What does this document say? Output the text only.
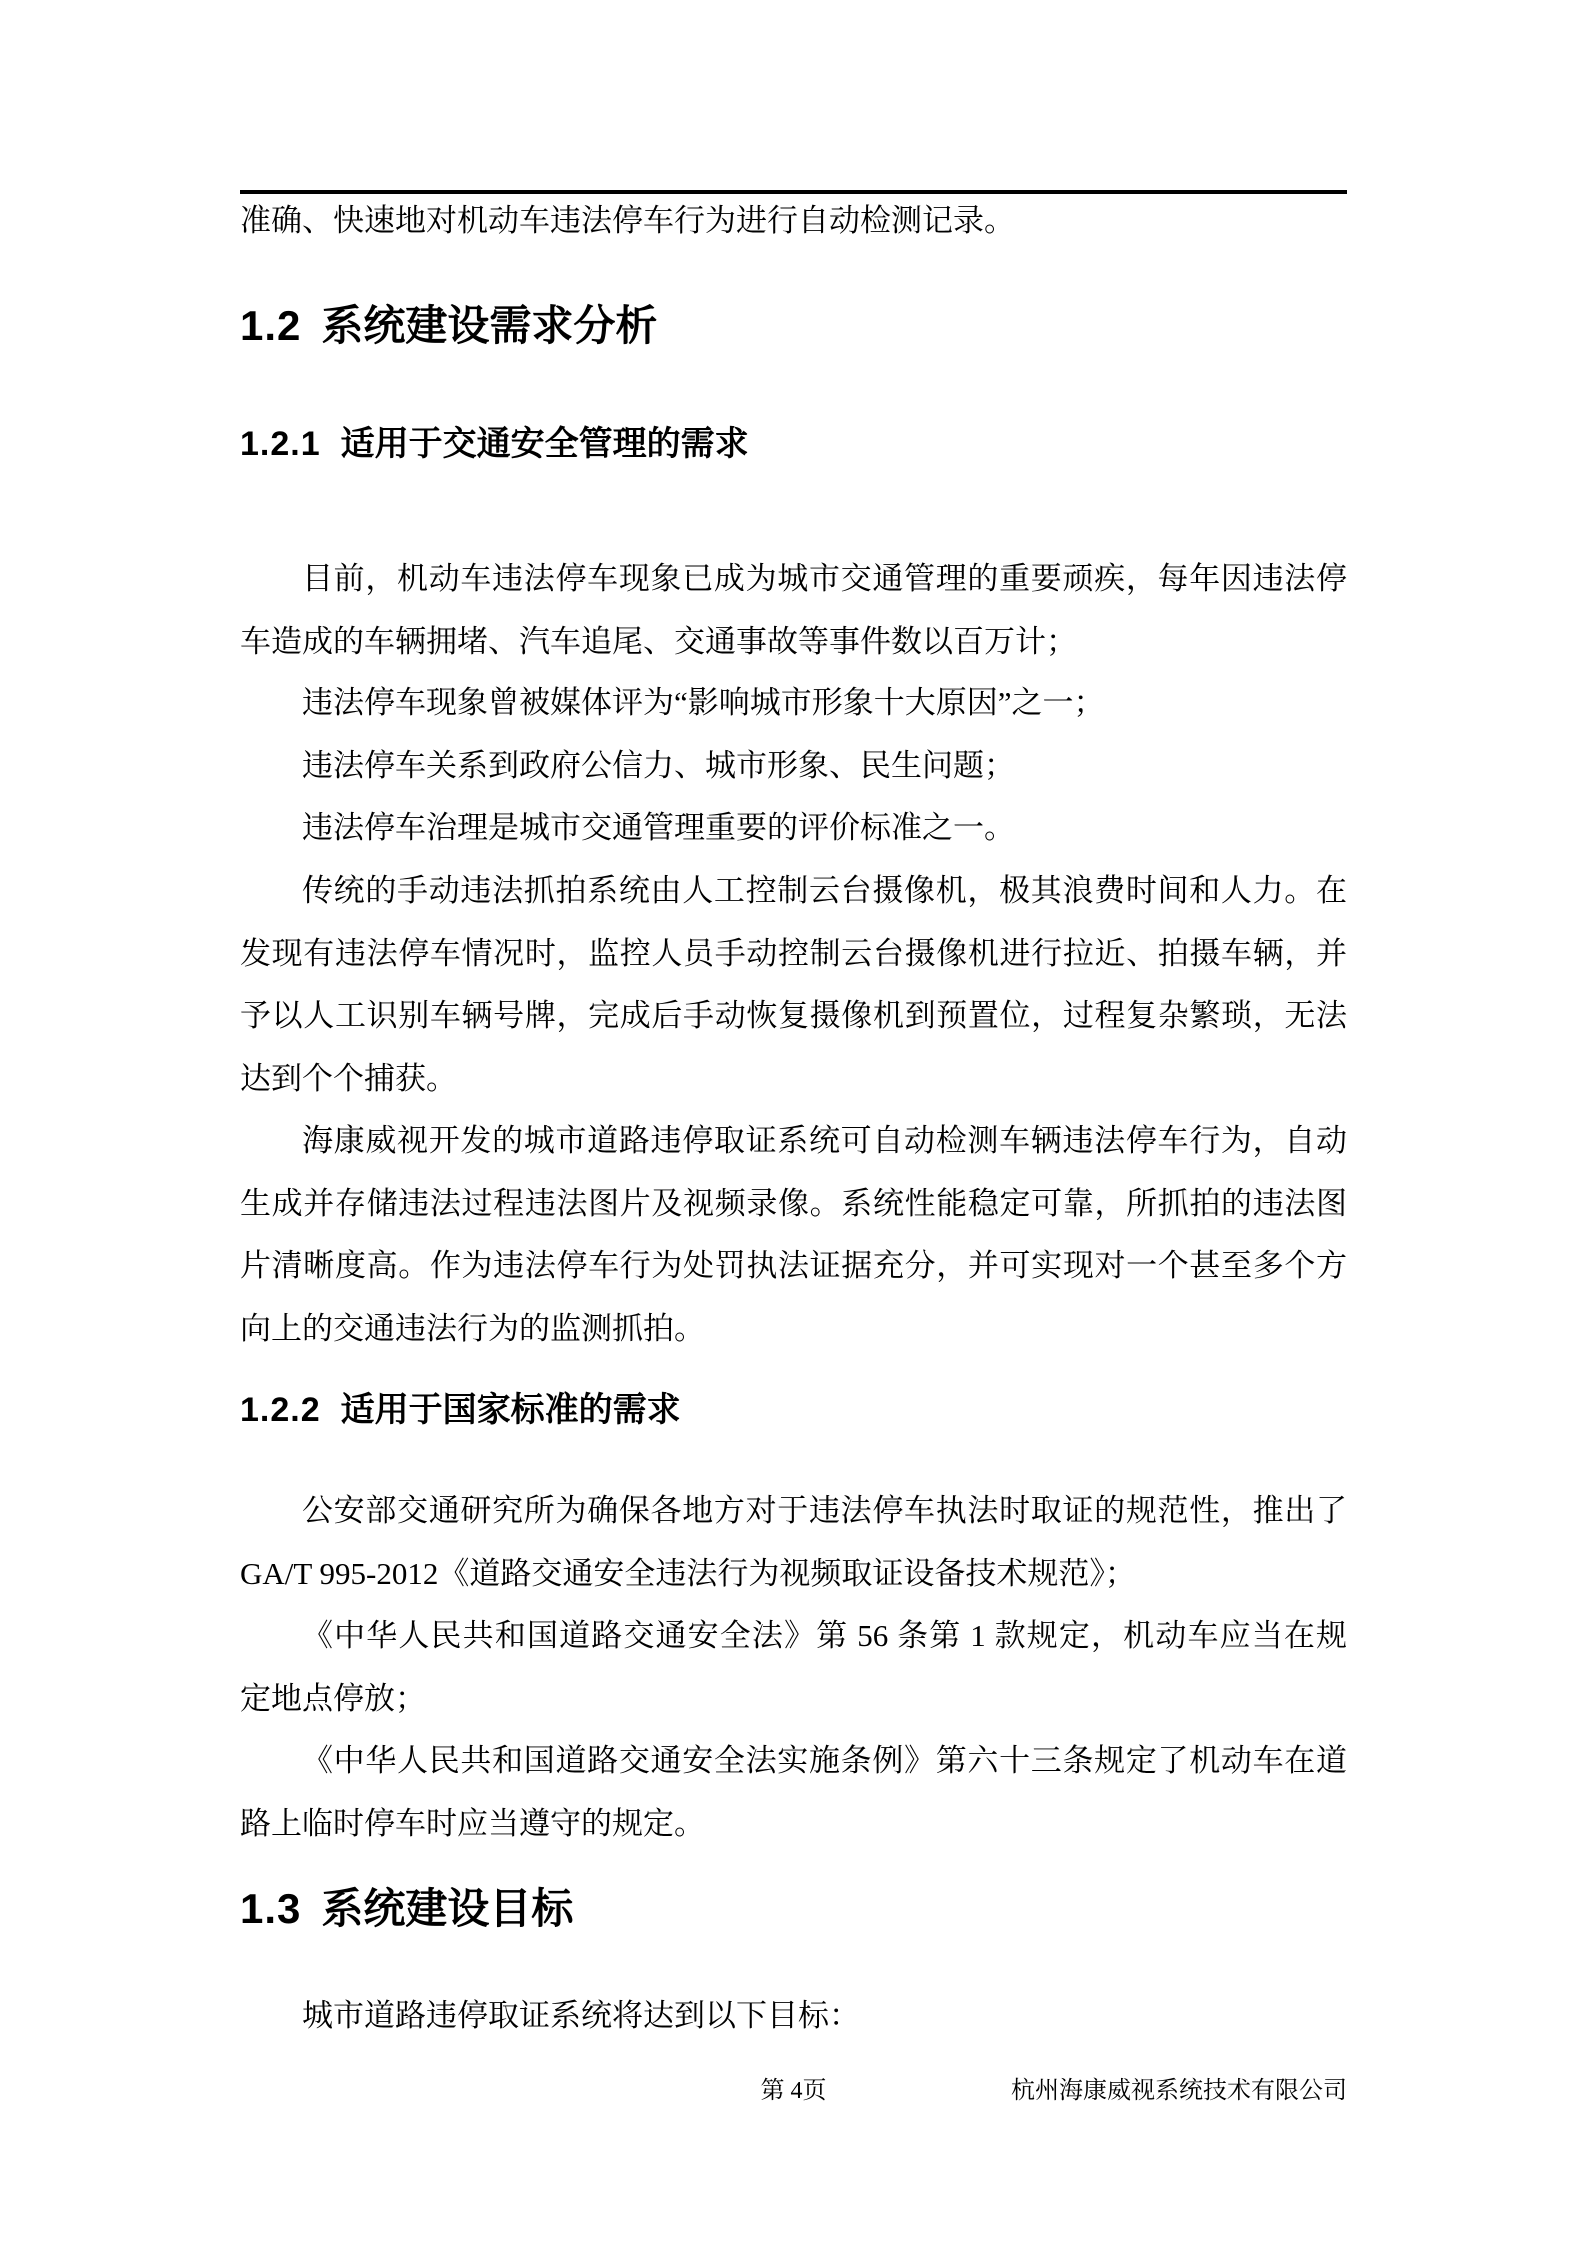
准确、快速地对机动车违法停车行为进行自动检测记录。
1.2 系统建设需求分析
1.2.1 适用于交通安全管理的需求
目前，机动车违法停车现象已成为城市交通管理的重要顽疾，每年因违法停
车造成的车辆拥堵、汽车追尾、交通事故等事件数以百万计；
违法停车现象曾被媒体评为“影响城市形象十大原因”之一；
违法停车关系到政府公信力、城市形象、民生问题；
违法停车治理是城市交通管理重要的评价标准之一。
传统的手动违法抓拍系统由人工控制云台摄像机，极其浪费时间和人力。在
发现有违法停车情况时，监控人员手动控制云台摄像机进行拉近、拍摄车辆，并
予以人工识别车辆号牌，完成后手动恢复摄像机到预置位，过程复杂繁琐，无法
达到个个捕获。
海康威视开发的城市道路违停取证系统可自动检测车辆违法停车行为，自动
生成并存储违法过程违法图片及视频录像。系统性能稳定可靠，所抓拍的违法图
片清晰度高。作为违法停车行为处罚执法证据充分，并可实现对一个甚至多个方
向上的交通违法行为的监测抓拍。
1.2.2 适用于国家标准的需求
公安部交通研究所为确保各地方对于违法停车执法时取证的规范性，推出了
GA/T 995-2012《道路交通安全违法行为视频取证设备技术规范》；
《中华人民共和国道路交通安全法》第 56 条第 1 款规定，机动车应当在规
定地点停放；
《中华人民共和国道路交通安全法实施条例》第六十三条规定了机动车在道
路上临时停车时应当遵守的规定。
1.3 系统建设目标
城市道路违停取证系统将达到以下目标：
第 4页	杭州海康威视系统技术有限公司
